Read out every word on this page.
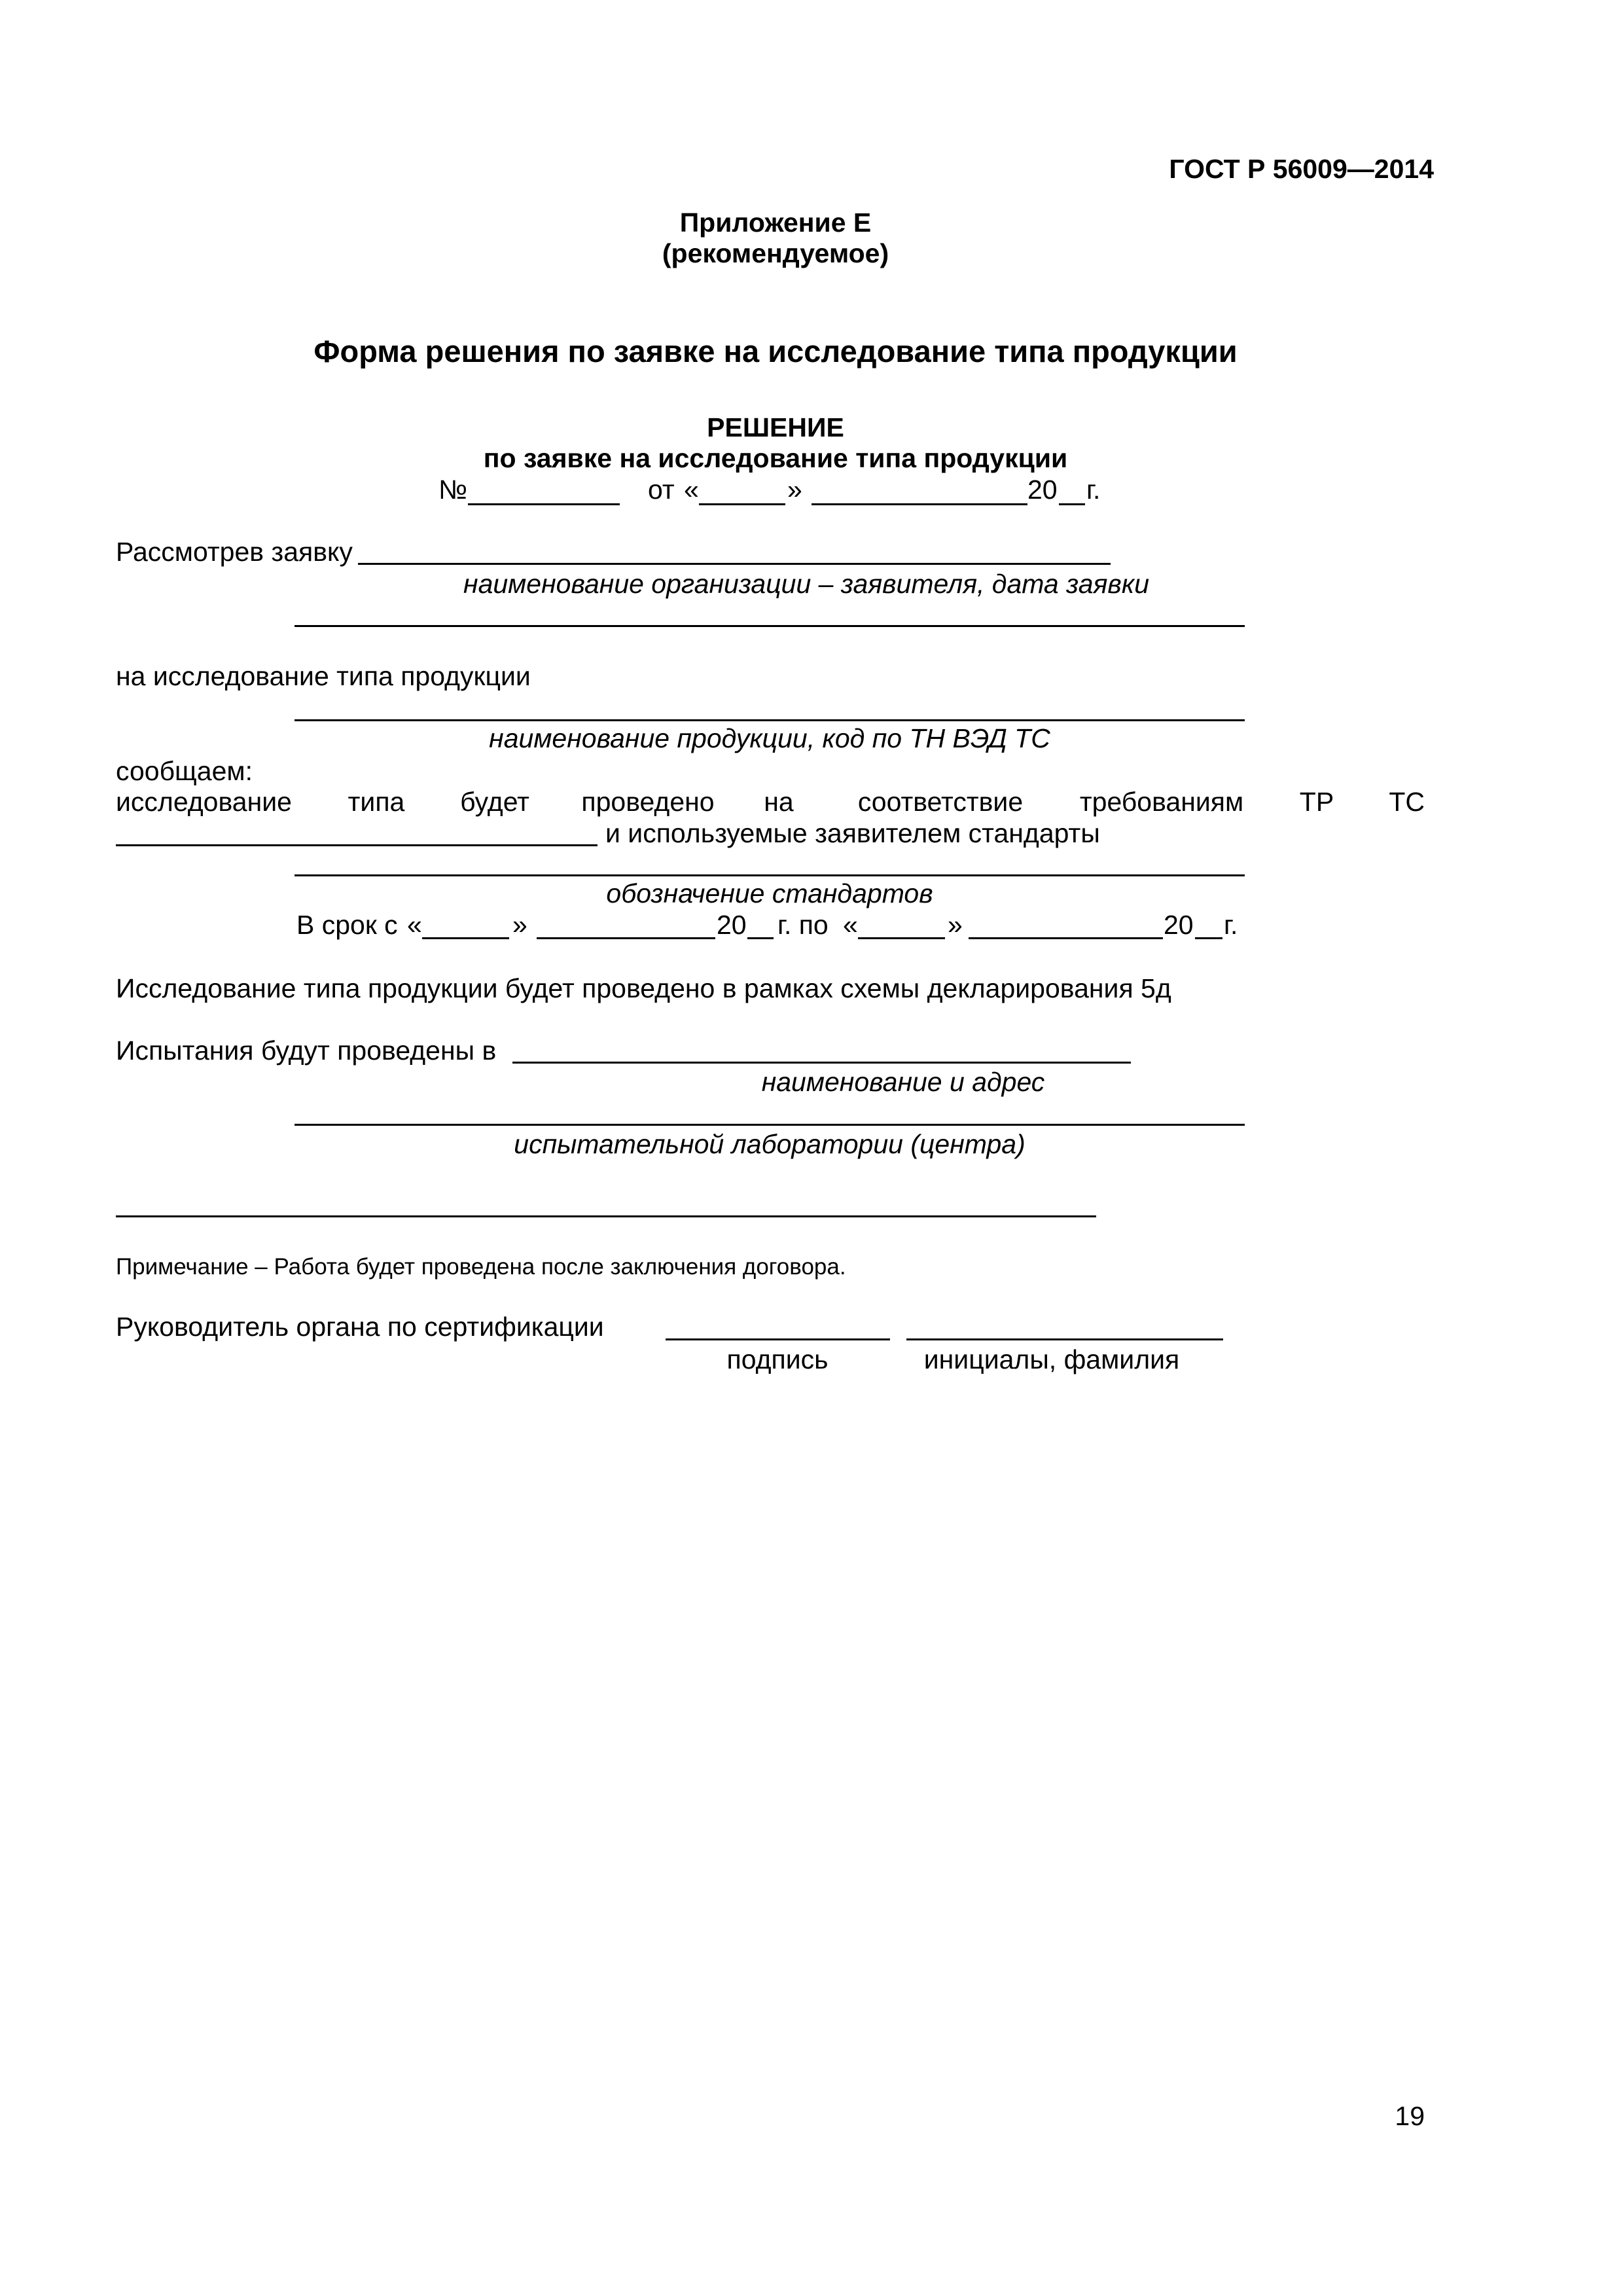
ГОСТ Р 56009—2014
Приложение Е
(рекомендуемое)
Форма решения по заявке на исследование типа продукции
РЕШЕНИЕ
по заявке на исследование типа продукции
№	от «	»	20 г.
Рассмотрев заявку
наименование организации – заявителя, дата заявки
на исследование типа продукции
наименование продукции, код по ТН ВЭД ТС
сообщаем:
исследование типа будет проведено на соответствие требованиям ТР ТС
и используемые заявителем стандарты
обозначение стандартов
В срок с «	»	20 г. по «	»	20 г.
Исследование типа продукции будет проведено в рамках схемы декларирования 5д
Испытания будут проведены в
наименование и адрес
испытательной лаборатории (центра)
Примечание – Работа будет проведена после заключения договора.
Руководитель органа по сертификации
подпись	инициалы, фамилия
19
